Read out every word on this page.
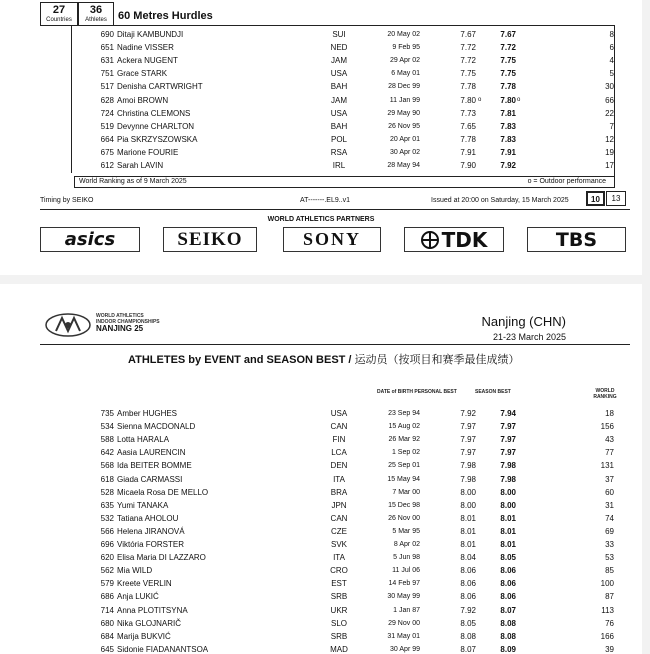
27
Countries
36
Athletes	60 Metres Hurdles
690 Ditaji KAMBUNDJI	SUI	20 May 02	7.67	7.67	8
651 Nadine VISSER	NED	9 Feb 95	7.72	7.72	6
631 Ackera NUGENT	JAM	29 Apr 02	7.72	7.75	4
751 Grace STARK	USA	6 May 01	7.75	7.75	5
517 Denisha CARTWRIGHT	BAH	28 Dec 99	7.78	7.78	30
628 Amoi BROWN	JAM	11 Jan 99	7.80	7.80	66
o	o
724 Christina CLEMONS	USA	29 May 90	7.73	7.81	22
519 Devynne CHARLTON	BAH	26 Nov 95	7.65	7.83	7
664 Pia SKRZYSZOWSKA	POL	20 Apr 01	7.78	7.83	12
675 Marione FOURIE	RSA	30 Apr 02	7.91	7.91	19
612 Sarah LAVIN	IRL	28 May 94	7.90	7.92	17
World Ranking as of 9 March 2025	o = Outdoor performance
Timing by SEIKO	AT-------.EL9..v1	Issued at 20:00 on Saturday, 15 March 2025	10	13
WORLD ATHLETICS PARTNERS
asics	SEIKO	SONY	TDK	TBS
WORLD ATHLETICS
INDOOR CHAMPIONSHIPS
NANJING 25	Nanjing (CHN)
21-23 March 2025
ATHLETES by EVENT and SEASON BEST / 运动员（按项目和赛季最佳成绩）
DATE of BIRTH PERSONAL BEST	SEASON BEST	WORLD RANKING
735 Amber HUGHES	USA	23 Sep 94	7.92	7.94	18
534 Sienna MACDONALD	CAN	15 Aug 02	7.97	7.97	156
588 Lotta HARALA	FIN	26 Mar 92	7.97	7.97	43
642 Aasia LAURENCIN	LCA	1 Sep 02	7.97	7.97	77
568 Ida BEITER BOMME	DEN	25 Sep 01	7.98	7.98	131
618 Giada CARMASSI	ITA	15 May 94	7.98	7.98	37
528 Micaela Rosa DE MELLO	BRA	7 Mar 00	8.00	8.00	60
635 Yumi TANAKA	JPN	15 Dec 98	8.00	8.00	31
532 Tatiana AHOLOU	CAN	26 Nov 00	8.01	8.01	74
566 Helena JIRANOVÁ	CZE	5 Mar 95	8.01	8.01	69
696 Viktória FORSTER	SVK	8 Apr 02	8.01	8.01	33
620 Elisa Maria DI LAZZARO	ITA	5 Jun 98	8.04	8.05	53
562 Mia WILD	CRO	11 Jul 06	8.06	8.06	85
579 Kreete VERLIN	EST	14 Feb 97	8.06	8.06	100
686 Anja LUKIĆ	SRB	30 May 99	8.06	8.06	87
714 Anna PLOTITSYNA	UKR	1 Jan 87	7.92	8.07	113
680 Nika GLOJNARIČ	SLO	29 Nov 00	8.05	8.08	76
684 Marija BUKVIĆ	SRB	31 May 01	8.08	8.08	166
645 Sidonie FIADANANTSOA	MAD	30 Apr 99	8.07	8.09	39
